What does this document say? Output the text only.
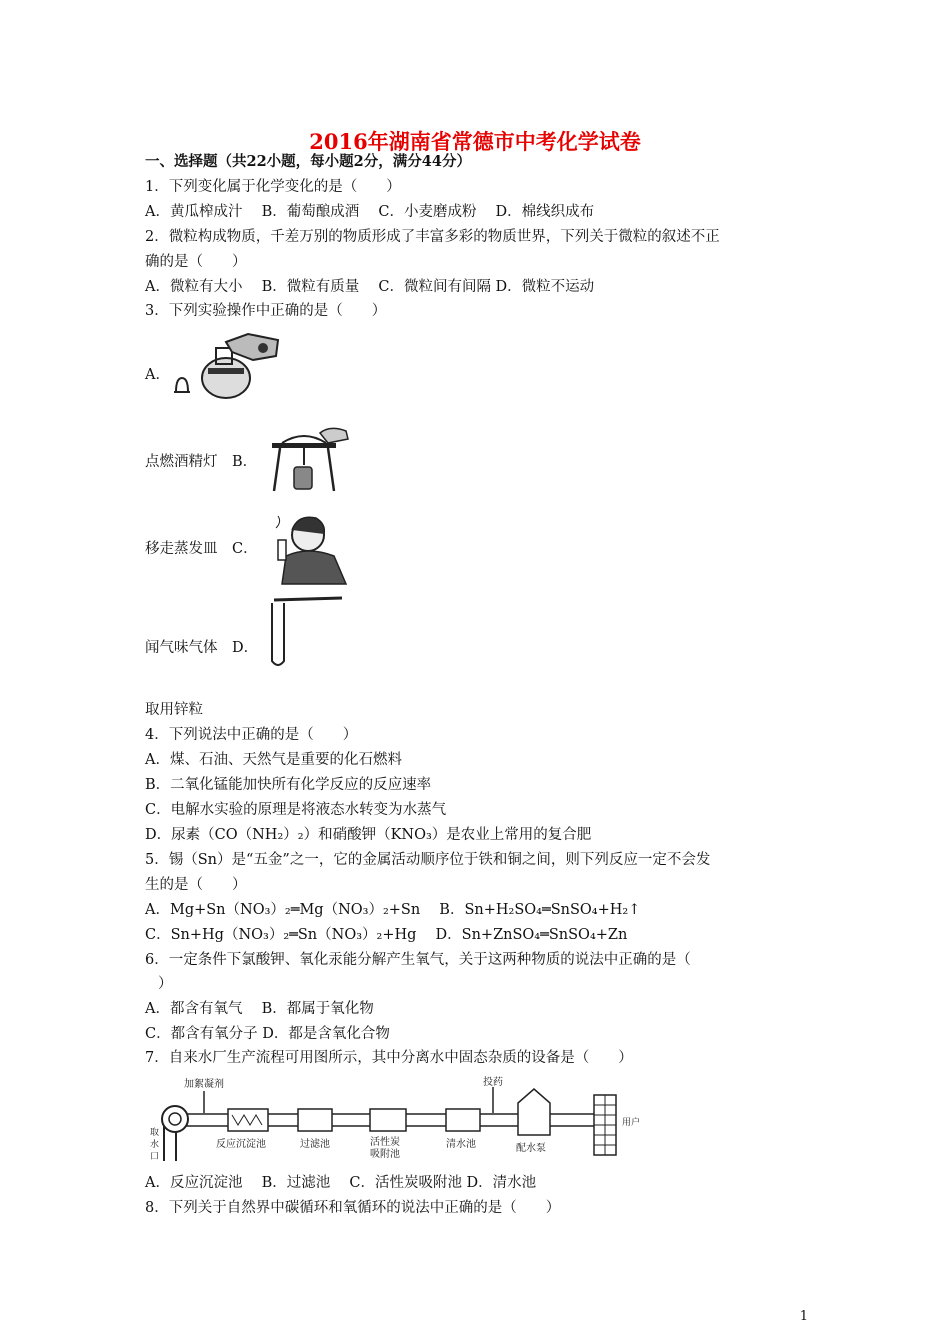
2016年湖南省常德市中考化学试卷
一、选择题（共22小题，每小题2分，满分44分）
1．下列变化属于化学变化的是（　　）
A．黄瓜榨成汁　 B．葡萄酿成酒　 C．小麦磨成粉　 D．棉线织成布
2．微粒构成物质，千差万别的物质形成了丰富多彩的物质世界，下列关于微粒的叙述不正
确的是（　　）
A．微粒有大小　 B．微粒有质量　 C．微粒间有间隔 D．微粒不运动
3．下列实验操作中正确的是（　　）
A．
点燃酒精灯　B．
移走蒸发皿　C．
闻气味气体　D．
取用锌粒
4．下列说法中正确的是（　　）
A．煤、石油、天然气是重要的化石燃料
B．二氧化锰能加快所有化学反应的反应速率
C．电解水实验的原理是将液态水转变为水蒸气
D．尿素（CO（NH₂）₂）和硝酸钾（KNO₃）是农业上常用的复合肥
5．锡（Sn）是“五金”之一，它的金属活动顺序位于铁和铜之间，则下列反应一定不会发
生的是（　　）
A．Mg+Sn（NO₃）₂═Mg（NO₃）₂+Sn　 B．Sn+H₂SO₄═SnSO₄+H₂↑
C．Sn+Hg（NO₃）₂═Sn（NO₃）₂+Hg　 D．Sn+ZnSO₄═SnSO₄+Zn
6．一定条件下氯酸钾、氧化汞能分解产生氧气，关于这两种物质的说法中正确的是（
）
A．都含有氧气　 B．都属于氧化物
C．都含有氧分子 D．都是含氧化合物
7．自来水厂生产流程可用图所示，其中分离水中固态杂质的设备是（　　）
取
水
口
加絮凝剂
反应沉淀池	过滤池	活性炭
吸附池
清水池
投药
配水泵
用户
A．反应沉淀池　 B．过滤池　 C．活性炭吸附池 D．清水池
8．下列关于自然界中碳循环和氧循环的说法中正确的是（　　）
1
